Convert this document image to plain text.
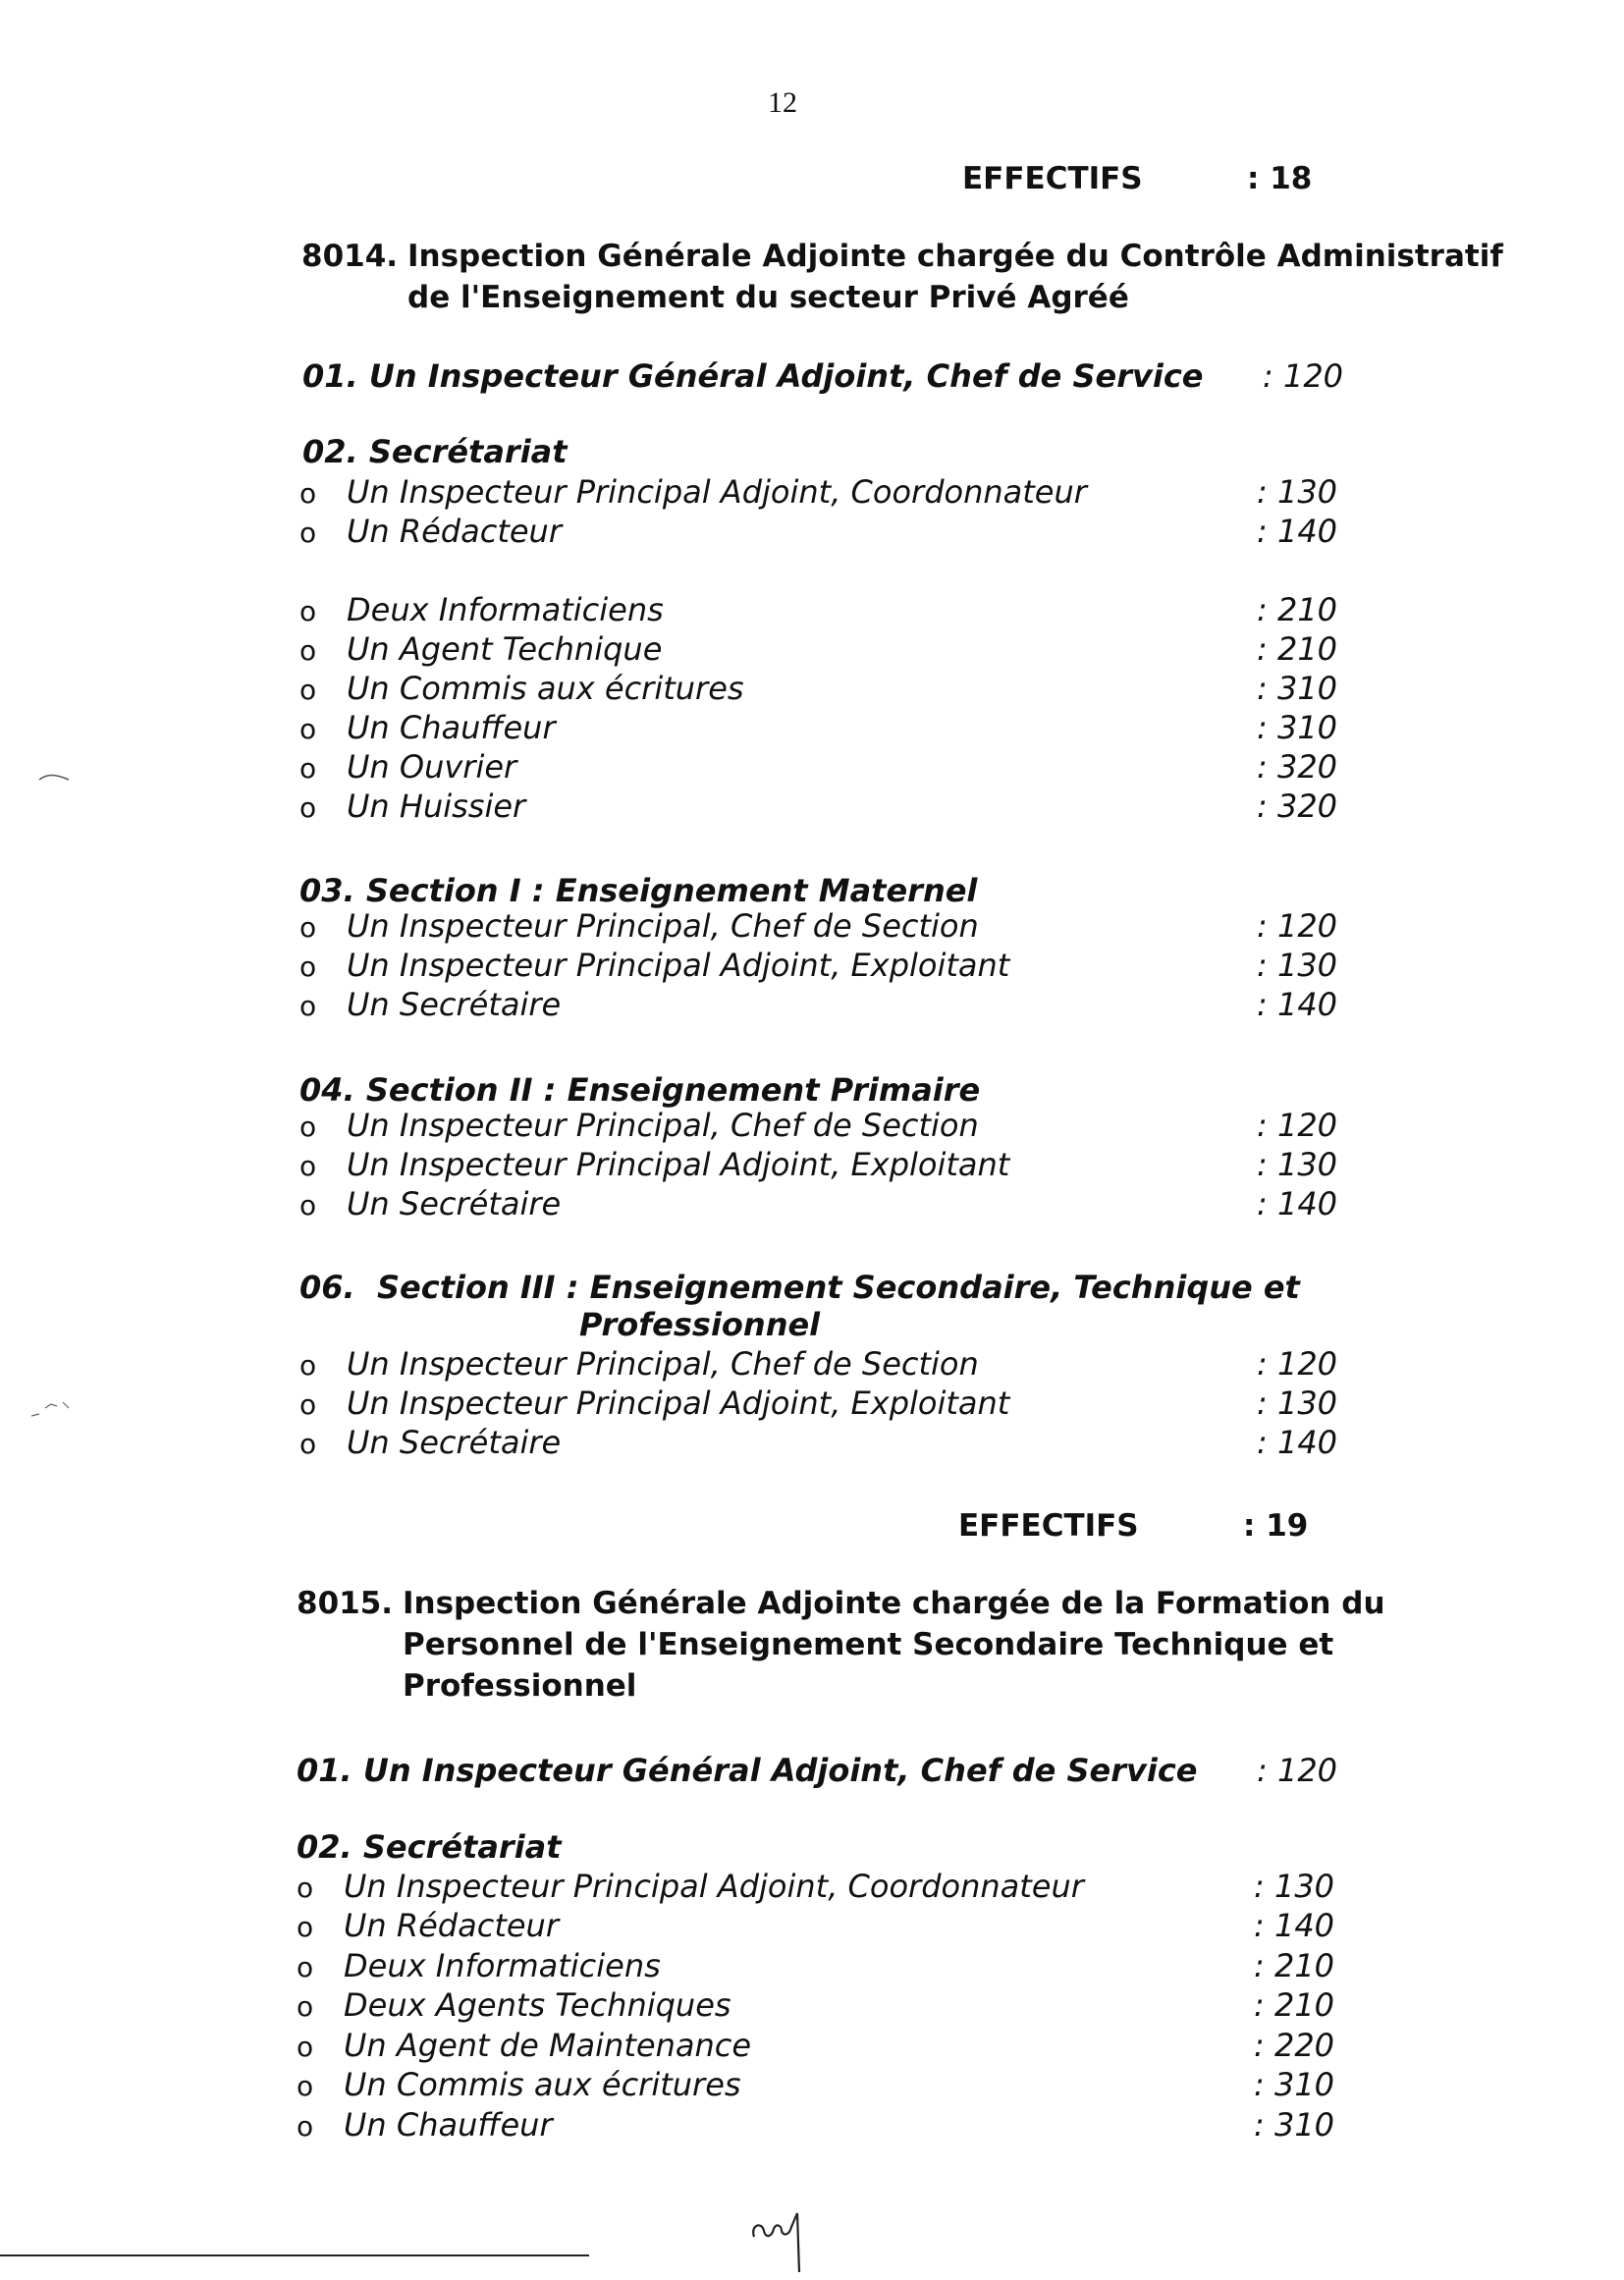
12
EFFECTIFS	: 18
8014. Inspection Générale Adjointe chargée du Contrôle Administratif
de l'Enseignement du secteur Privé Agréé
01. Un Inspecteur Général Adjoint, Chef de Service : 120
02. Secrétariat
o Un Inspecteur Principal Adjoint, Coordonnateur	: 130
o Un Rédacteur	: 140
o Deux Informaticiens	: 210
o Un Agent Technique	: 210
o Un Commis aux écritures	: 310
o Un Chauffeur	: 310
o Un Ouvrier	: 320
o Un Huissier	: 320
03. Section I : Enseignement Maternel
o Un Inspecteur Principal, Chef de Section	: 120
o Un Inspecteur Principal Adjoint, Exploitant	: 130
o Un Secrétaire	: 140
04. Section II : Enseignement Primaire
o Un Inspecteur Principal, Chef de Section	: 120
o Un Inspecteur Principal Adjoint, Exploitant	: 130
o Un Secrétaire	: 140
06.  Section III : Enseignement Secondaire, Technique et
Professionnel
o Un Inspecteur Principal, Chef de Section	: 120
o Un Inspecteur Principal Adjoint, Exploitant	: 130
o Un Secrétaire	: 140
EFFECTIFS	: 19
8015. Inspection Générale Adjointe chargée de la Formation du
Personnel de l'Enseignement Secondaire Technique et
Professionnel
01. Un Inspecteur Général Adjoint, Chef de Service : 120
02. Secrétariat
o Un Inspecteur Principal Adjoint, Coordonnateur	: 130
o Un Rédacteur	: 140
o Deux Informaticiens	: 210
o Deux Agents Techniques	: 210
o Un Agent de Maintenance	: 220
o Un Commis aux écritures	: 310
o Un Chauffeur	: 310
